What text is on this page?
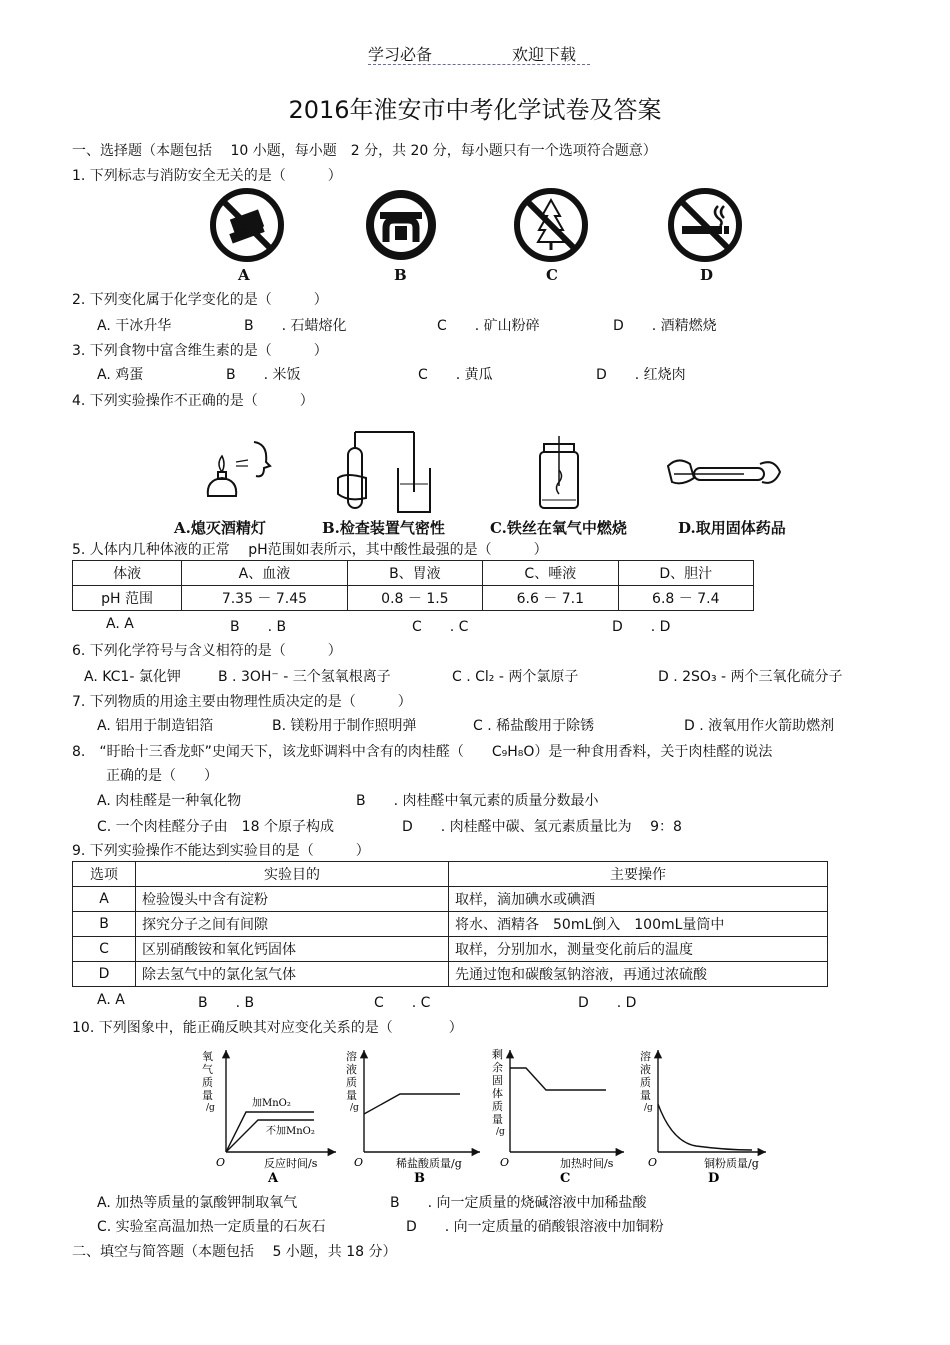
学习必备	欢迎下载
2016年淮安市中考化学试卷及答案
一、选择题（本题包括　 10 小题，每小题　2 分，共 20 分，每小题只有一个选项符合题意）
1. 下列标志与消防安全无关的是（　　　）
A	B	C	D
2. 下列变化属于化学变化的是（　　　）
A. 干冰升华	B　　. 石蜡熔化	C　　. 矿山粉碎	D　　. 酒精燃烧
3. 下列食物中富含维生素的是（　　　）
A. 鸡蛋	B　　. 米饭	C　　. 黄瓜	D　　. 红烧肉
4. 下列实验操作不正确的是（　　　）
A.熄灭酒精灯	B.检查装置气密性	C.铁丝在氧气中燃烧	D.取用固体药品
5. 人体内几种体液的正常　 pH范围如表所示，其中酸性最强的是（　　　）
体液	A、血液	B、胃液	C、唾液	D、胆汁
pH 范围	7.35 － 7.45	0.8 － 1.5	6.6 － 7.1	6.8 － 7.4
A. A	B　　. B	C　　. C	D　　. D
6. 下列化学符号与含义相符的是（　　　）
A. KC1- 氯化钾	B . 3OH⁻ - 三个氢氧根离子	C . Cl₂ - 两个氯原子	D . 2SO₃ - 两个三氧化硫分子
7. 下列物质的用途主要由物理性质决定的是（　　　）
A. 铝用于制造铝箔	B. 镁粉用于制作照明弹	C . 稀盐酸用于除锈	D . 液氧用作火箭助燃剂
8.　“盱眙十三香龙虾”史闻天下，该龙虾调料中含有的肉桂醛（　　C₉H₈O）是一种食用香料，关于肉桂醛的说法
正确的是（　　）
A. 肉桂醛是一种氧化物	B　　. 肉桂醛中氧元素的质量分数最小
C. 一个肉桂醛分子由　18 个原子构成	D　　. 肉桂醛中碳、氢元素质量比为　 9：8
9. 下列实验操作不能达到实验目的是（　　　）
选项	实验目的	主要操作
A	检验馒头中含有淀粉	取样，滴加碘水或碘酒
B	探究分子之间有间隙	将水、酒精各　50mL倒入　100mL量筒中
C	区别硝酸铵和氧化钙固体	取样，分别加水，测量变化前后的温度
D	除去氢气中的氯化氢气体	先通过饱和碳酸氢钠溶液，再通过浓硫酸
A. A	B　　. B	C　　. C	D　　. D
10. 下列图象中，能正确反映其对应变化关系的是（　　　　）
氧
气
质
量
/g	加MnO₂
不加MnO₂
O	反应时间/s
A
溶
液
质
量
/g
O	稀盐酸质量/g
B
剩
余
固
体
质
量
/g
O	加热时间/s
C
溶
液
质
量
/g
O	铜粉质量/g
D
A. 加热等质量的氯酸钾制取氧气	B　　. 向一定质量的烧碱溶液中加稀盐酸
C. 实验室高温加热一定质量的石灰石	D　　. 向一定质量的硝酸银溶液中加铜粉
二、填空与简答题（本题包括　 5 小题，共 18 分）
